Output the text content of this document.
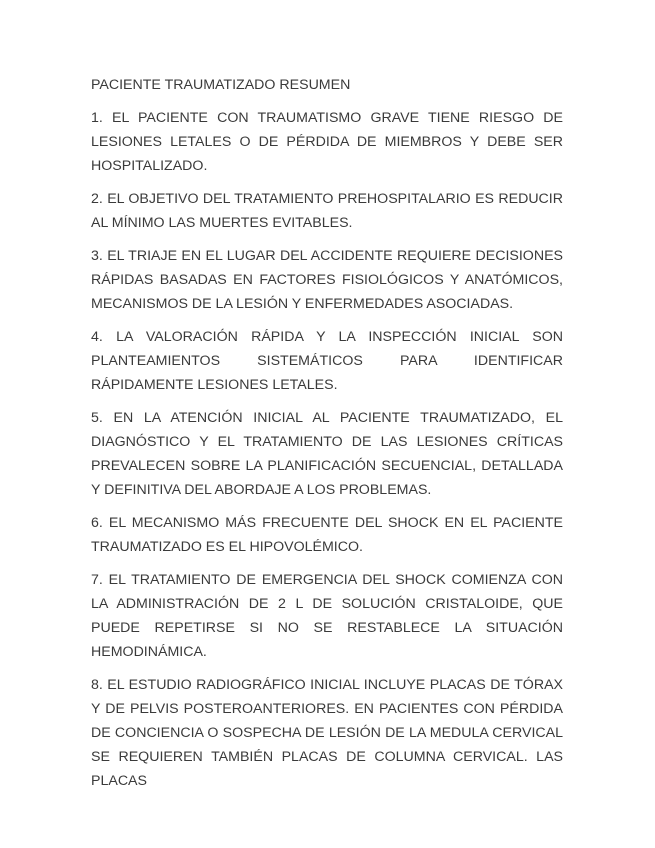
PACIENTE TRAUMATIZADO RESUMEN

1. EL PACIENTE CON TRAUMATISMO GRAVE TIENE RIESGO DE LESIONES LETALES O DE PÉRDIDA DE MIEMBROS Y DEBE SER HOSPITALIZADO.

2. EL OBJETIVO DEL TRATAMIENTO PREHOSPITALARIO ES REDUCIR AL MÍNIMO LAS MUERTES EVITABLES.

3. EL TRIAJE EN EL LUGAR DEL ACCIDENTE REQUIERE DECISIONES RÁPIDAS BASADAS EN FACTORES FISIOLÓGICOS Y ANATÓMICOS, MECANISMOS DE LA LESIÓN Y ENFERMEDADES ASOCIADAS.

4. LA VALORACIÓN RÁPIDA Y LA INSPECCIÓN INICIAL SON PLANTEAMIENTOS SISTEMÁTICOS PARA IDENTIFICAR RÁPIDAMENTE LESIONES LETALES.

5. EN LA ATENCIÓN INICIAL AL PACIENTE TRAUMATIZADO, EL DIAGNÓSTICO Y EL TRATAMIENTO DE LAS LESIONES CRÍTICAS PREVALECEN SOBRE LA PLANIFICACIÓN SECUENCIAL, DETALLADA Y DEFINITIVA DEL ABORDAJE A LOS PROBLEMAS.

6. EL MECANISMO MÁS FRECUENTE DEL SHOCK EN EL PACIENTE TRAUMATIZADO ES EL HIPOVOLÉMICO.

7. EL TRATAMIENTO DE EMERGENCIA DEL SHOCK COMIENZA CON LA ADMINISTRACIÓN DE 2 L DE SOLUCIÓN CRISTALOIDE, QUE PUEDE REPETIRSE SI NO SE RESTABLECE LA SITUACIÓN HEMODINÁMICA.

8. EL ESTUDIO RADIOGRÁFICO INICIAL INCLUYE PLACAS DE TÓRAX Y DE PELVIS POSTEROANTERIORES. EN PACIENTES CON PÉRDIDA DE CONCIENCIA O SOSPECHA DE LESIÓN DE LA MEDULA CERVICAL SE REQUIEREN TAMBIÉN PLACAS DE COLUMNA CERVICAL. LAS PLACAS
